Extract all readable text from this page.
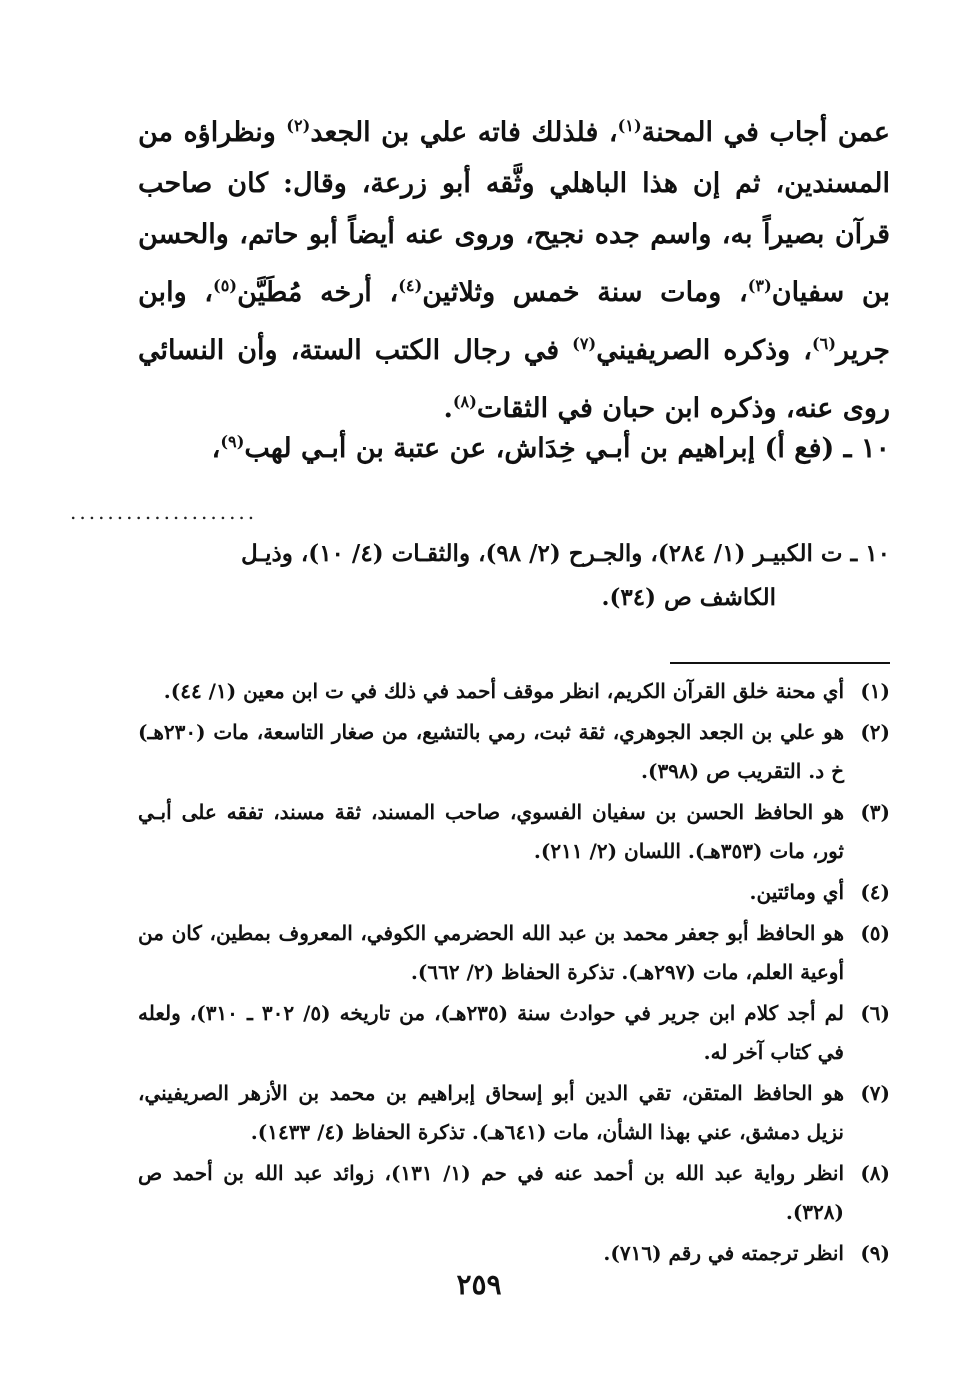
عمن أجاب في المحنة$^{(١)}$، فلذلك فاته علي بن الجعد$^{(٢)}$ ونظراؤه من المسندين، ثم إن هذا الباهلي وثَّقه أبو زرعة، وقال: كان صاحب قرآن بصيراً به، واسم جده نجيح، وروى عنه أيضاً أبو حاتم، والحسن بن سفيان$^{(٣)}$، ومات سنة خمس وثلاثين$^{(٤)}$، أرخه مُطَيَّن$^{(٥)}$، وابن جرير$^{(٦)}$، وذكره الصريفيني$^{(٧)}$ في رجال الكتب الستة، وأن النسائي روى عنه، وذكره ابن حبان في الثقات$^{(٨)}$.

١٠ ـ (فع أ) إبراهيم بن أبـي خِدَاش، عن عتبة بن أبـي لهب$^{(٩)}$،
....................
١٠ ـ ت الكبيـر (١/ ٢٨٤)، والجـرح (٢/ ٩٨)، والثقـات (٤/ ١٠)، وذيـل
الكاشف ص (٣٤).
(١)
أي محنة خلق القرآن الكريم، انظر موقف أحمد في ذلك في ت ابن معين (١/ ٤٤).
(٢)
هو علي بن الجعد الجوهري، ثقة ثبت، رمي بالتشيع، من صغار التاسعة، مات (٢٣٠هـ) خ د. التقريب ص (٣٩٨).
(٣)
هو الحافظ الحسن بن سفيان الفسوي، صاحب المسند، ثقة مسند، تفقه على أبـي ثور، مات (٣٥٣هـ). اللسان (٢/ ٢١١).
(٤)
أي ومائتين.
(٥)
هو الحافظ أبو جعفر محمد بن عبد الله الحضرمي الكوفي، المعروف بمطين، كان من أوعية العلم، مات (٢٩٧هـ). تذكرة الحفاظ (٢/ ٦٦٢).
(٦)
لم أجد كلام ابن جرير في حوادث سنة (٢٣٥هـ)، من تاريخه (٥/ ٣٠٢ ـ ٣١٠)، ولعله في كتاب آخر له.
(٧)
هو الحافظ المتقن، تقي الدين أبو إسحاق إبراهيم بن محمد بن الأزهر الصريفيني، نزيل دمشق، عني بهذا الشأن، مات (٦٤١هـ). تذكرة الحفاظ (٤/ ١٤٣٣).
(٨)
انظر رواية عبد الله بن أحمد عنه في حم (١/ ١٣١)، زوائد عبد الله بن أحمد ص (٣٢٨).
(٩)
انظر ترجمته في رقم (٧١٦).
٢٥٩
